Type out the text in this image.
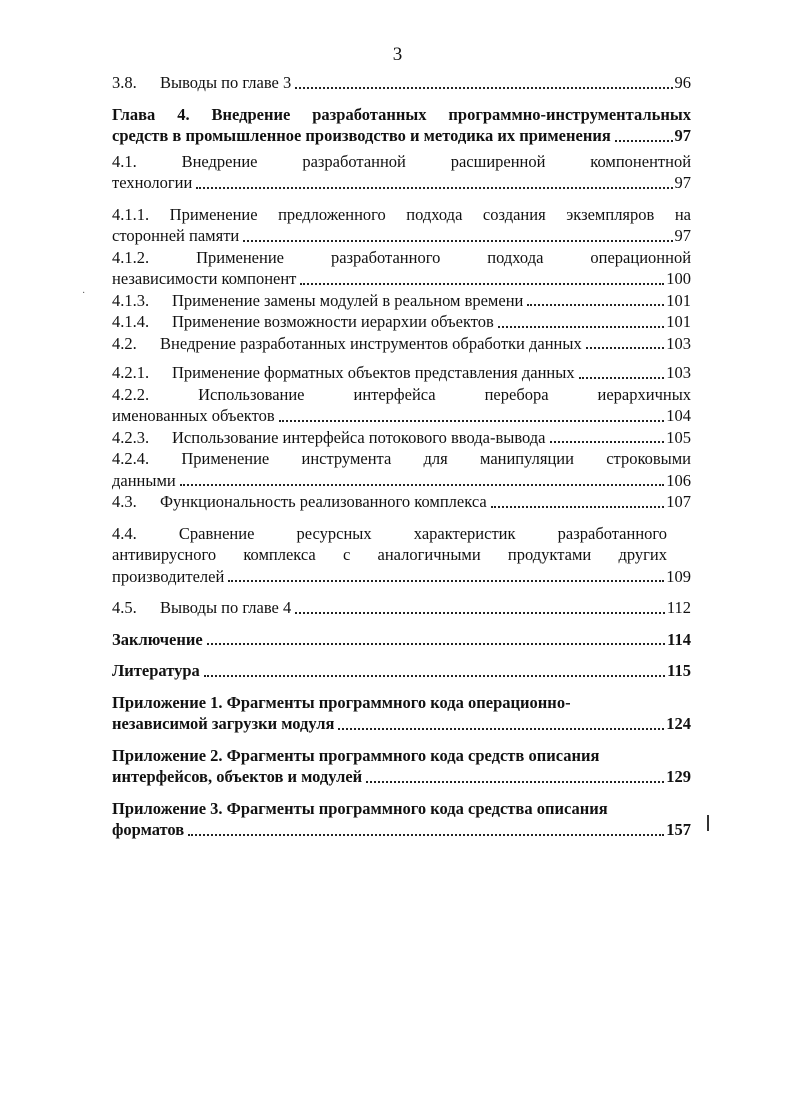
3

·
3.8. Выводы по главе 3	96
Глава 4. Внедрение разработанных программно-инструментальных
средств в промышленное производство и методика их применения	97
4.1.	Внедрение	разработанной	расширенной	компонентной
технологии	97
4.1.1. Применение предложенного подхода создания экземпляров на
сторонней памяти	97
4.1.2.	Применение	разработанного	подхода	операционной
независимости компонент	100
4.1.3. Применение замены модулей в реальном времени	101
4.1.4. Применение возможности иерархии объектов	101
4.2. Внедрение разработанных инструментов обработки данных	103
4.2.1. Применение форматных объектов представления данных	103
4.2.2.	Использование	интерфейса	перебора	иерархичных
именованных объектов	104
4.2.3. Использование интерфейса потокового ввода-вывода	105
4.2.4. Применение инструмента для манипуляции строковыми
данными	106
4.3. Функциональность реализованного комплекса	107
4.4.	Сравнение	ресурсных	характеристик	разработанного
антивирусного комплекса с аналогичными продуктами других
производителей	109
4.5. Выводы по главе 4	112
Заключение	114
Литература	115
Приложение 1. Фрагменты программного кода операционно-
независимой загрузки модуля	124
Приложение 2. Фрагменты программного кода средств описания
интерфейсов, объектов и модулей	129
Приложение 3. Фрагменты программного кода средства описания
форматов	157
